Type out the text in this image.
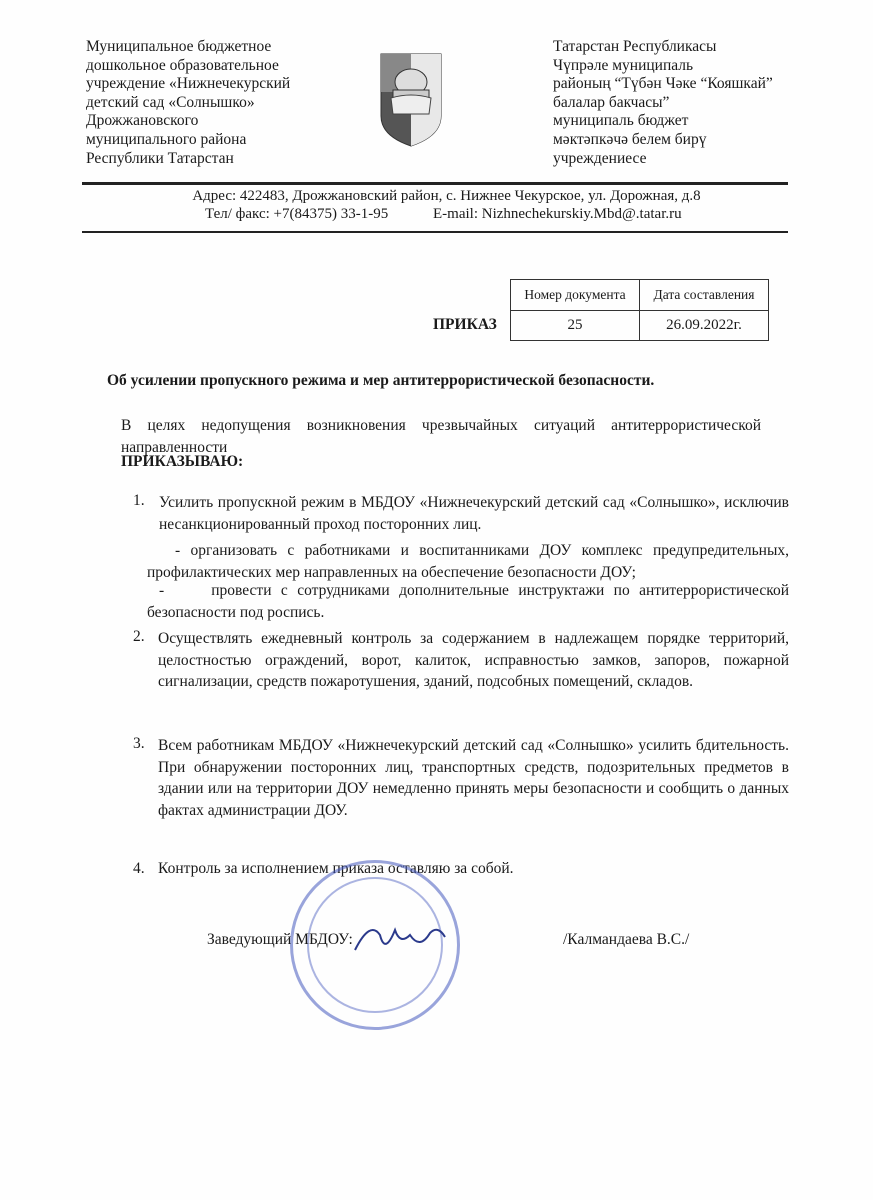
Муниципальное бюджетное
дошкольное образовательное
учреждение «Нижнечекурский
детский сад «Солнышко»
Дрожжановского
муниципального района
Республики Татарстан
Татарстан Республикасы
Чүпрәле муниципаль
районың “Түбән Чәке “Кояшкай”
балалар бакчасы”
муниципаль бюджет
мәктәпкәчә белем бирү
учреждениесе
Адрес: 422483, Дрожжановский район, с. Нижнее Чекурское, ул. Дорожная, д.8
Тел/ факс: +7(84375) 33-1-95	E-mail: Nizhnechekurskiy.Mbd@.tatar.ru
ПРИКАЗ
Номер документа	Дата составления
25	26.09.2022г.
Об усилении пропускного режима и мер антитеррористической безопасности.
В целях недопущения возникновения чрезвычайных ситуаций антитеррористической направленности
ПРИКАЗЫВАЮ:
1. Усилить пропускной режим в МБДОУ «Нижнечекурский детский сад «Солнышко», исключив несанкционированный проход посторонних лиц.
- организовать с работниками и воспитанниками ДОУ комплекс предупредительных, профилактических мер направленных на обеспечение безопасности ДОУ;
-     провести с сотрудниками дополнительные инструктажи по антитеррористической безопасности под роспись.
2. Осуществлять ежедневный контроль за содержанием в надлежащем порядке территорий, целостностью ограждений, ворот, калиток, исправностью замков, запоров, пожарной сигнализации, средств пожаротушения, зданий, подсобных помещений, складов.
3. Всем работникам МБДОУ «Нижнечекурский детский сад «Солнышко» усилить бдительность. При обнаружении посторонних лиц, транспортных средств, подозрительных предметов в здании или на территории ДОУ немедленно принять меры безопасности и сообщить о данных фактах администрации ДОУ.
4. Контроль за исполнением приказа оставляю за собой.
Заведующий МБДОУ:	/Калмандаева В.С./
